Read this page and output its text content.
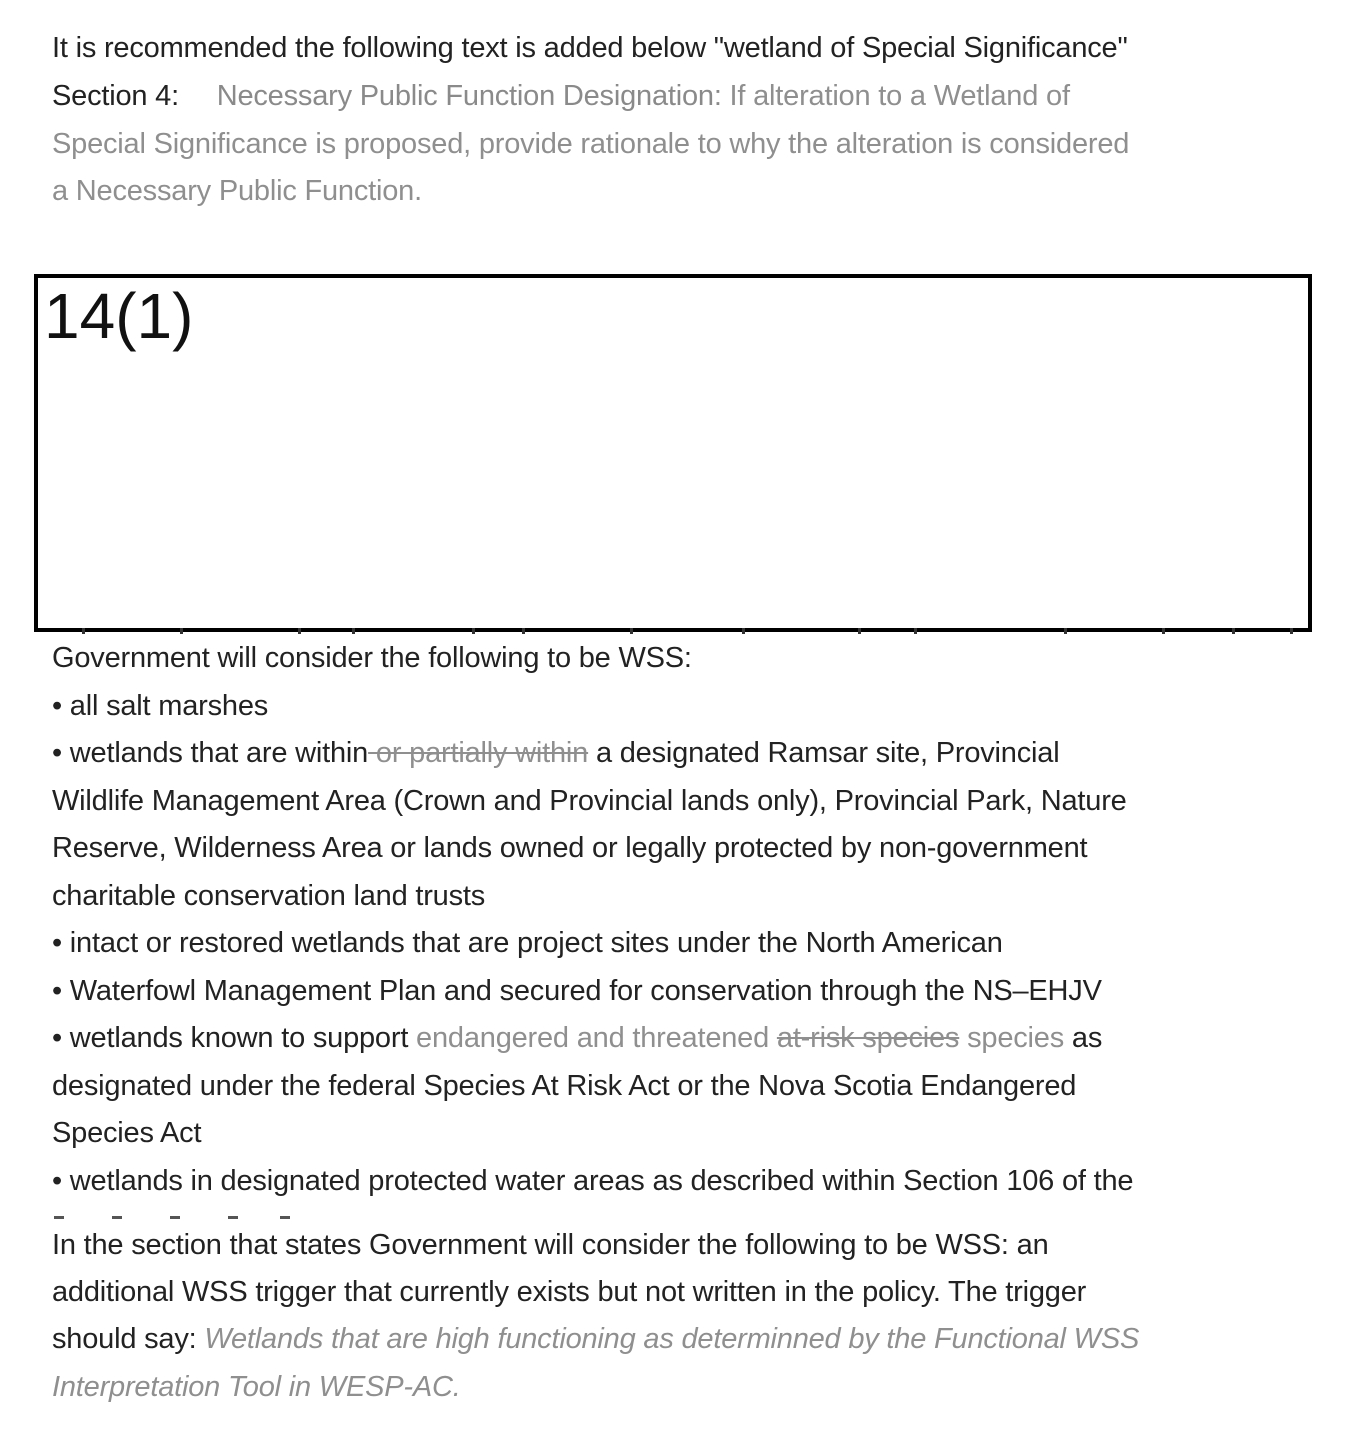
It is recommended the following text is added below "wetland of Special Significance"
Section 4: Necessary Public Function Designation: If alteration to a Wetland of
Special Significance is proposed, provide rationale to why the alteration is considered
a Necessary Public Function.
14(1)
Government will consider the following to be WSS:
• all salt marshes
• wetlands that are within or partially within a designated Ramsar site, Provincial
Wildlife Management Area (Crown and Provincial lands only), Provincial Park, Nature
Reserve, Wilderness Area or lands owned or legally protected by non-government
charitable conservation land trusts
• intact or restored wetlands that are project sites under the North American
• Waterfowl Management Plan and secured for conservation through the NS–EHJV
• wetlands known to support endangered and threatened at-risk species species as
designated under the federal Species At Risk Act or the Nova Scotia Endangered
Species Act
• wetlands in designated protected water areas as described within Section 106 of the
In the section that states Government will consider the following to be WSS: an
additional WSS trigger that currently exists but not written in the policy. The trigger
should say: Wetlands that are high functioning as determinned by the Functional WSS
Interpretation Tool in WESP-AC.
